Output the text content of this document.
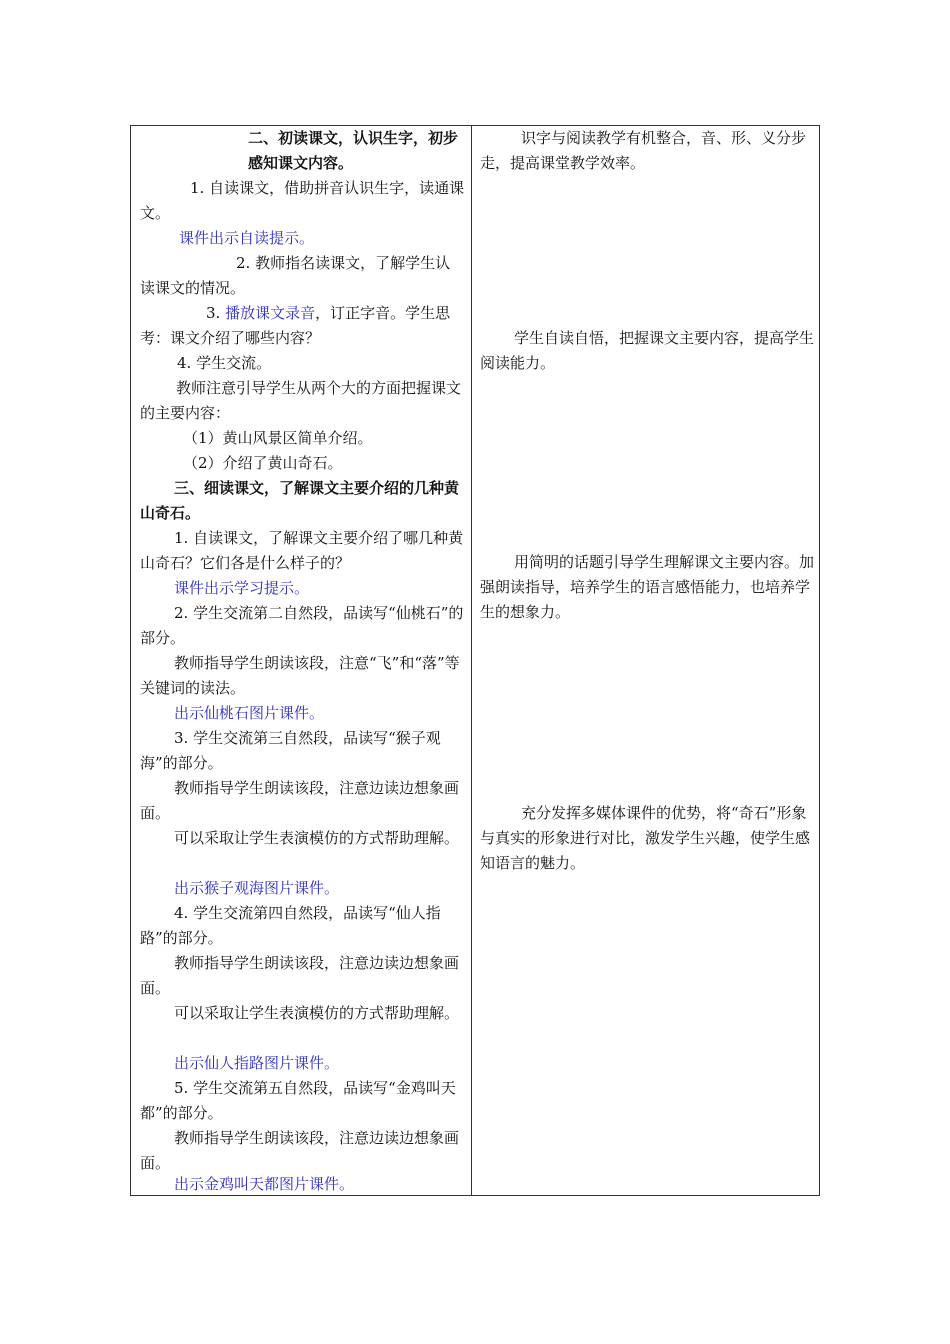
二、初读课文，认识生字，初步感知课文内容。
1. 自读课文，借助拼音认识生字，读通课文。
课件出示自读提示。
2. 教师指名读课文，了解学生认读课文的情况。
3. 播放课文录音，订正字音。学生思考：课文介绍了哪些内容？
4. 学生交流。
教师注意引导学生从两个大的方面把握课文的主要内容：
（1）黄山风景区简单介绍。
（2）介绍了黄山奇石。
三、细读课文，了解课文主要介绍的几种黄山奇石。
1. 自读课文，了解课文主要介绍了哪几种黄山奇石？它们各是什么样子的？
课件出示学习提示。
2. 学生交流第二自然段，品读写“仙桃石”的部分。
教师指导学生朗读该段，注意“飞”和“落”等关键词的读法。
出示仙桃石图片课件。
3. 学生交流第三自然段，品读写“猴子观海”的部分。
教师指导学生朗读该段，注意边读边想象画面。
可以采取让学生表演模仿的方式帮助理解。
出示猴子观海图片课件。
4. 学生交流第四自然段，品读写“仙人指路”的部分。
教师指导学生朗读该段，注意边读边想象画面。
可以采取让学生表演模仿的方式帮助理解。
出示仙人指路图片课件。
5. 学生交流第五自然段，品读写“金鸡叫天都”的部分。
教师指导学生朗读该段，注意边读边想象画面。
出示金鸡叫天都图片课件。
识字与阅读教学有机整合，音、形、义分步走，提高课堂教学效率。
学生自读自悟，把握课文主要内容，提高学生阅读能力。
用简明的话题引导学生理解课文主要内容。加强朗读指导，培养学生的语言感悟能力，也培养学生的想象力。
充分发挥多媒体课件的优势，将“奇石”形象与真实的形象进行对比，激发学生兴趣，使学生感知语言的魅力。
